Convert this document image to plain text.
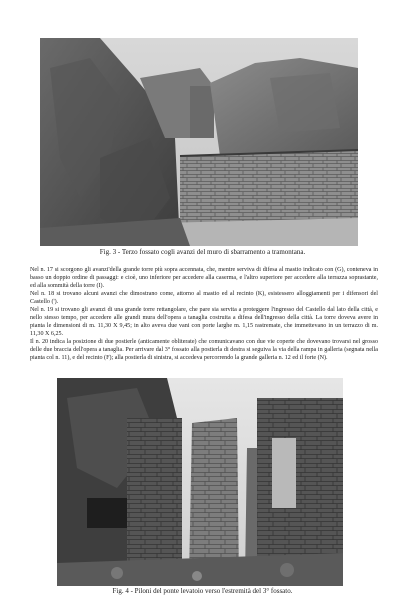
Fig. 3 - Terzo fossato cogli avanzi del muro di sbarramento a tramontana.

Nel n. 17 si scorgono gli avanzi'della grande torre più sopra accennata, che, mentre serviva di difesa al mastio indicato con (G), conteneva in basso un doppio ordine di passaggi: e cioè, uno inferiore per accedere alla caserma, e l'altro superiore per accedere alla terrazza soprastante, ed alla sommità della torre (I).

Nel n. 18 si trovano alcuni avanzi che dimostrano come, attorno al mastio ed al recinto (K), esistessero alloggiamenti per i difensori del Castello (').

Nel n. 19 si trovano gli avanzi di una grande torre rettangolare, che pare sia servita a proteggere l'ingresso del Castello dal lato della città, e nello stesso tempo, per accedere alle grandi mura dell'opera a tanaglia costruita a difesa dell'ingresso della città. La torre doveva avere in pianta le dimensioni di m. 11,30 X 9,45; in alto aveva due vani con porte larghe m. 1,15 rastremate, che immettevano in un terrazzo di m. 11,30 X 6,25.

Il n. 20 indica la posizione di due postierle (anticamente obliterate) che comunicavano con due vie coperte che dovevano trovarsi nel grosso delle due braccia dell'opera a tanaglia. Per arrivare dal 3° fossato alla postierla di destra si seguiva la via della rampa in galleria (segnata nella pianta col n. 11), e del recinto (F); alla postierla di sinistra, si accedeva percorrendo la grande galleria n. 12 ed il forte (N).

Fig. 4 - Piloni del ponte levatoio verso l'estremità del 3° fossato.
